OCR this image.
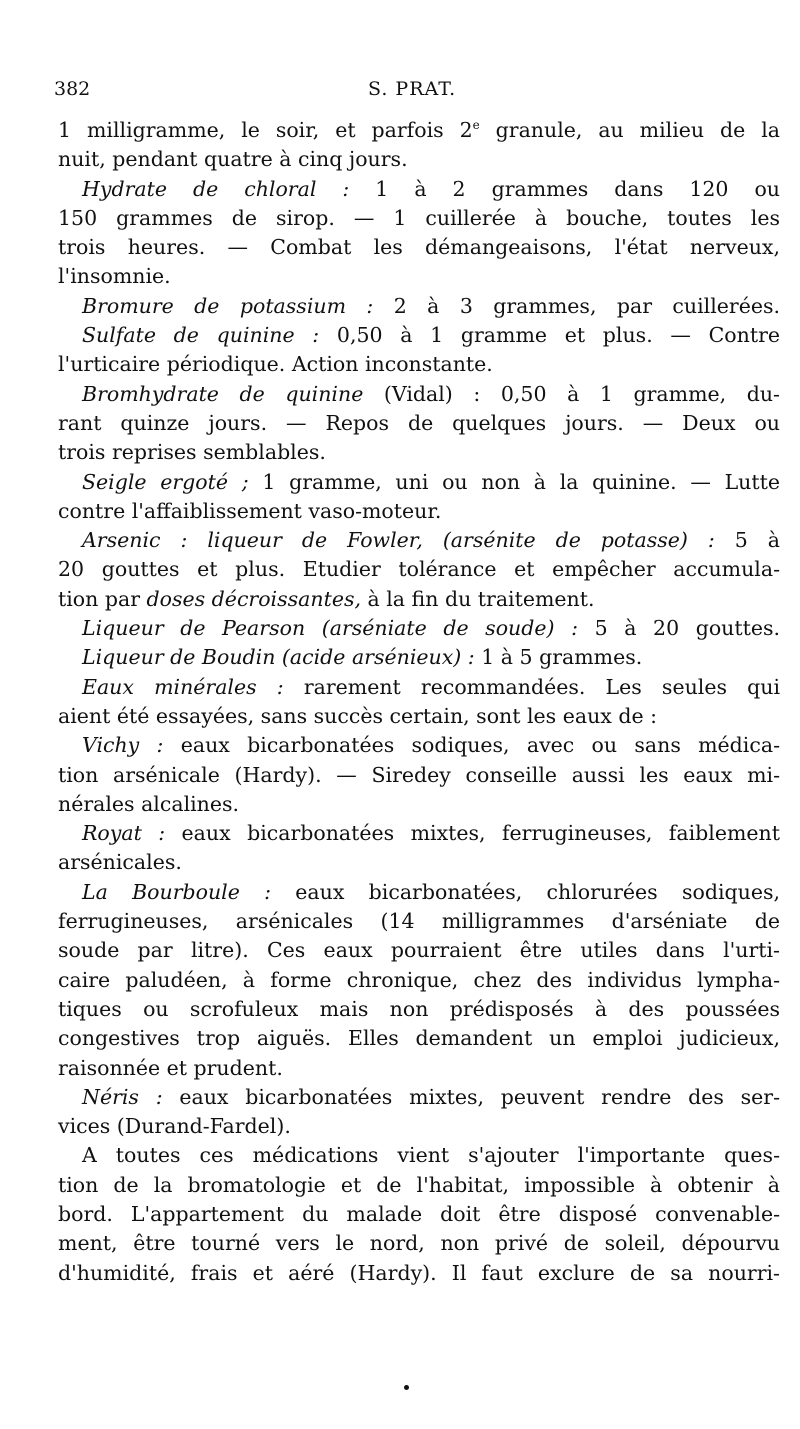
382	S. PRAT.
1 milligramme, le soir, et parfois 2e granule, au milieu de la
nuit, pendant quatre à cinq jours.
Hydrate de chloral : 1 à 2 grammes dans 120 ou
150 grammes de sirop. — 1 cuillerée à bouche, toutes les
trois heures. — Combat les démangeaisons, l'état nerveux,
l'insomnie.
Bromure de potassium : 2 à 3 grammes, par cuillerées.
Sulfate de quinine : 0,50 à 1 gramme et plus. — Contre
l'urticaire périodique. Action inconstante.
Bromhydrate de quinine (Vidal) : 0,50 à 1 gramme, du-
rant quinze jours. — Repos de quelques jours. — Deux ou
trois reprises semblables.
Seigle ergoté ; 1 gramme, uni ou non à la quinine. — Lutte
contre l'affaiblissement vaso-moteur.
Arsenic : liqueur de Fowler, (arsénite de potasse) : 5 à
20 gouttes et plus. Etudier tolérance et empêcher accumula-
tion par doses décroissantes, à la fin du traitement.
Liqueur de Pearson (arséniate de soude) : 5 à 20 gouttes.
Liqueur de Boudin (acide arsénieux) : 1 à 5 grammes.
Eaux minérales : rarement recommandées. Les seules qui
aient été essayées, sans succès certain, sont les eaux de :
Vichy : eaux bicarbonatées sodiques, avec ou sans médica-
tion arsénicale (Hardy). — Siredey conseille aussi les eaux mi-
nérales alcalines.
Royat : eaux bicarbonatées mixtes, ferrugineuses, faiblement
arsénicales.
La Bourboule : eaux bicarbonatées, chlorurées sodiques,
ferrugineuses, arsénicales (14 milligrammes d'arséniate de
soude par litre). Ces eaux pourraient être utiles dans l'urti-
caire paludéen, à forme chronique, chez des individus lympha-
tiques ou scrofuleux mais non prédisposés à des poussées
congestives trop aiguës. Elles demandent un emploi judicieux,
raisonnée et prudent.
Néris : eaux bicarbonatées mixtes, peuvent rendre des ser-
vices (Durand-Fardel).
A toutes ces médications vient s'ajouter l'importante ques-
tion de la bromatologie et de l'habitat, impossible à obtenir à
bord. L'appartement du malade doit être disposé convenable-
ment, être tourné vers le nord, non privé de soleil, dépourvu
d'humidité, frais et aéré (Hardy). Il faut exclure de sa nourri-
